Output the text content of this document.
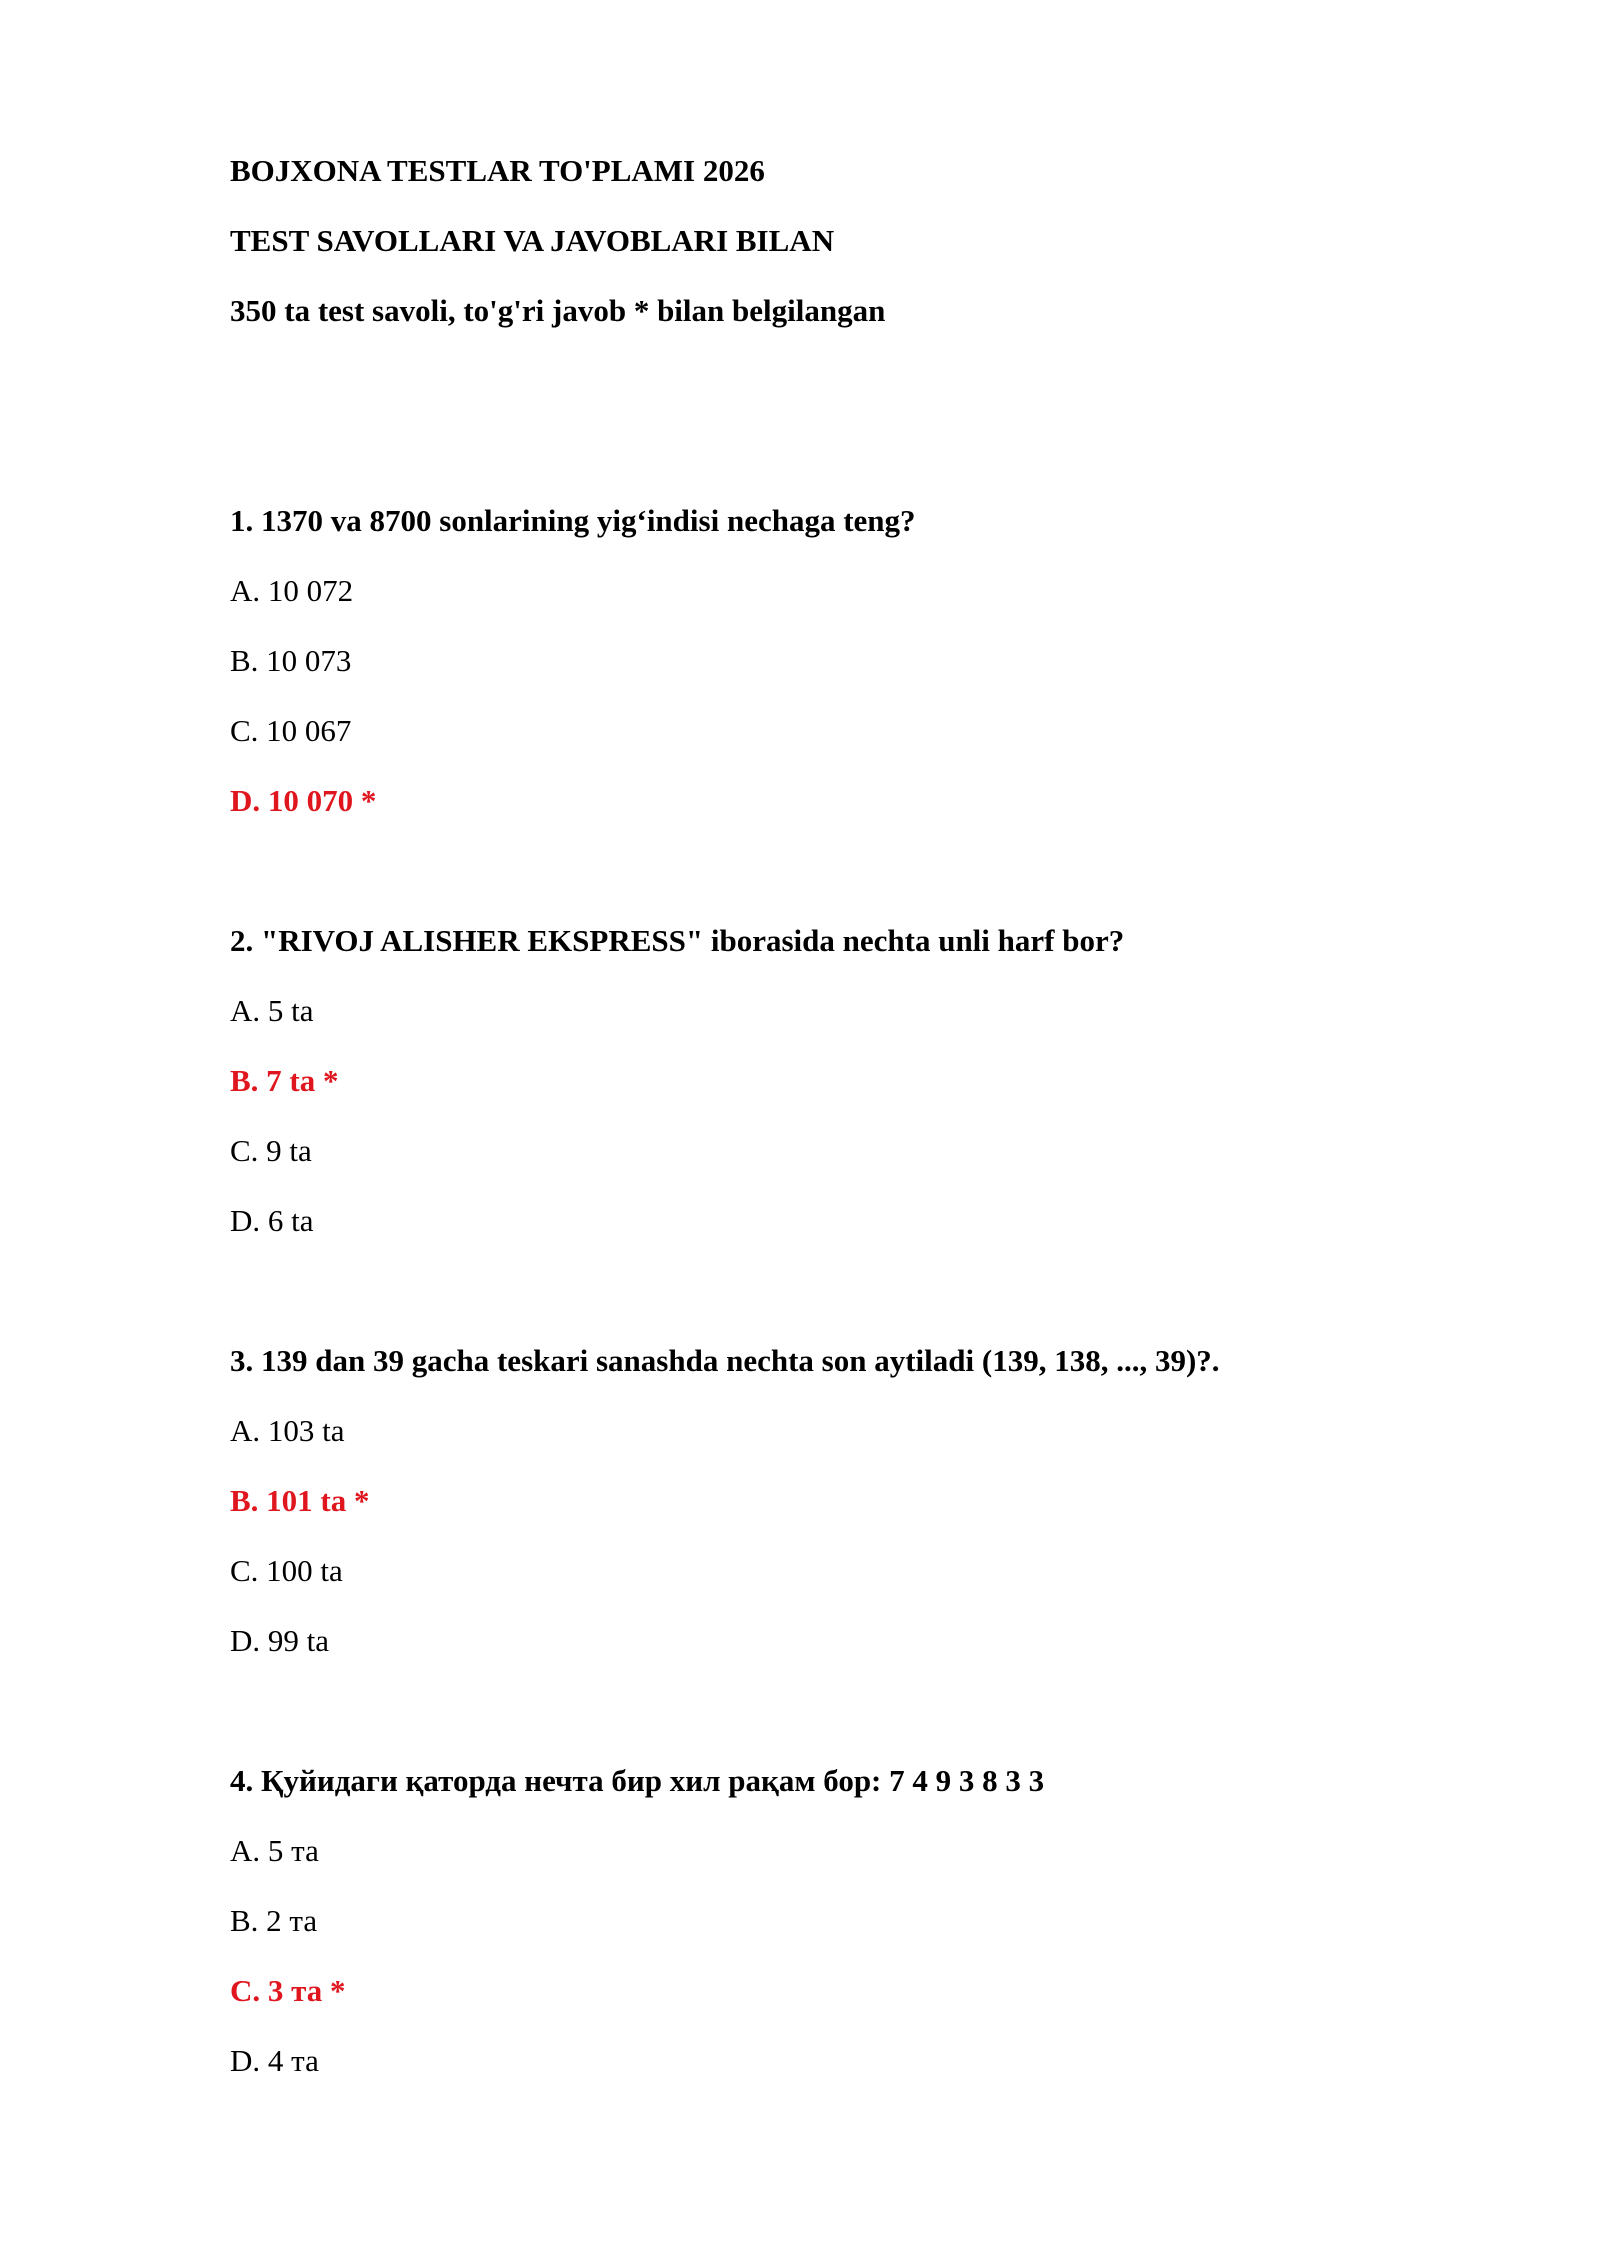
BOJXONA TESTLAR TO'PLAMI 2026
TEST SAVOLLARI VA JAVOBLARI BILAN
350 ta test savoli, to'g'ri javob * bilan belgilangan
1. 1370 va 8700 sonlarining yig‘indisi nechaga teng?
A. 10 072
B. 10 073
C. 10 067
D. 10 070 *
2. "RIVOJ ALISHER EKSPRESS" iborasida nechta unli harf bor?
A. 5 ta
B. 7 ta *
C. 9 ta
D. 6 ta
3. 139 dan 39 gacha teskari sanashda nechta son aytiladi (139, 138, ..., 39)?.
A. 103 ta
B. 101 ta *
C. 100 ta
D. 99 ta
4. Қуйидаги қаторда нечта бир хил рақам бор: 7 4 9 3 8 3 3
A. 5 та
B. 2 та
C. 3 та *
D. 4 та
